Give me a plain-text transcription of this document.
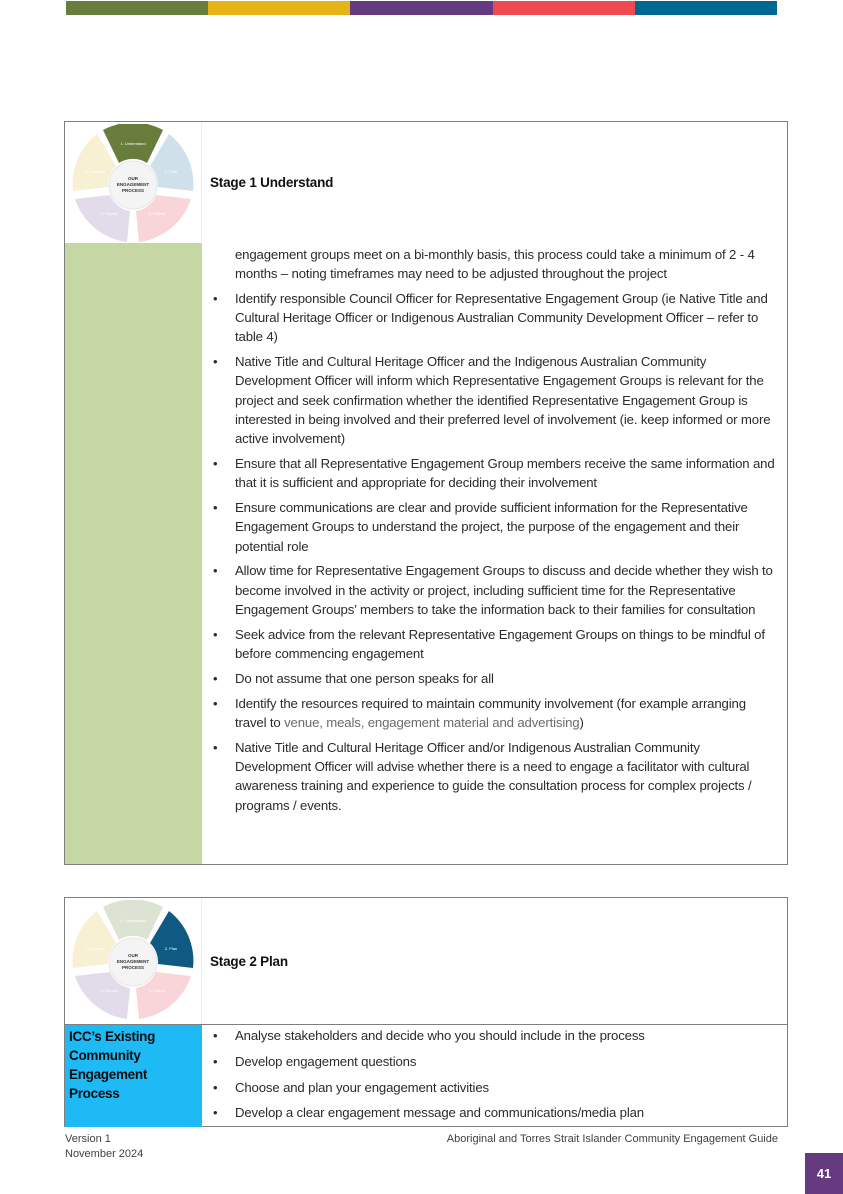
OUR
ENGAGEMENT
PROCESS
1. Understand
2. Plan
3. Deliver
4. Report
5. Evaluate
Stage 1 Understand
engagement groups meet on a bi-monthly basis, this process could take a minimum of 2 - 4 months – noting timeframes may need to be adjusted throughout the project
• Identify responsible Council Officer for Representative Engagement Group (ie Native Title and Cultural Heritage Officer or Indigenous Australian Community Development Officer – refer to table 4)
• Native Title and Cultural Heritage Officer and the Indigenous Australian Community Development Officer will inform which Representative Engagement Groups is relevant for the project and seek confirmation whether the identified Representative Engagement Group is interested in being involved and their preferred level of involvement (ie. keep informed or more active involvement)
• Ensure that all Representative Engagement Group members receive the same information and that it is sufficient and appropriate for deciding their involvement
• Ensure communications are clear and provide sufficient information for the Representative Engagement Groups to understand the project, the purpose of the engagement and their potential role
• Allow time for Representative Engagement Groups to discuss and decide whether they wish to become involved in the activity or project, including sufficient time for the Representative Engagement Groups’ members to take the information back to their families for consultation
• Seek advice from the relevant Representative Engagement Groups on things to be mindful of before commencing engagement
• Do not assume that one person speaks for all
• Identify the resources required to maintain community involvement (for example arranging travel to venue, meals, engagement material and advertising)
• Native Title and Cultural Heritage Officer and/or Indigenous Australian Community Development Officer will advise whether there is a need to engage a facilitator with cultural awareness training and experience to guide the consultation process for complex projects / programs / events.
OUR
ENGAGEMENT
PROCESS
1. Understand
2. Plan
3. Deliver
4. Report
5. Evaluate
Stage 2 Plan
ICC’s Existing Community Engagement Process
• Analyse stakeholders and decide who you should include in the process
• Develop engagement questions
• Choose and plan your engagement activities
• Develop a clear engagement message and communications/media plan
Version 1
November 2024
Aboriginal and Torres Strait Islander Community Engagement Guide
41
